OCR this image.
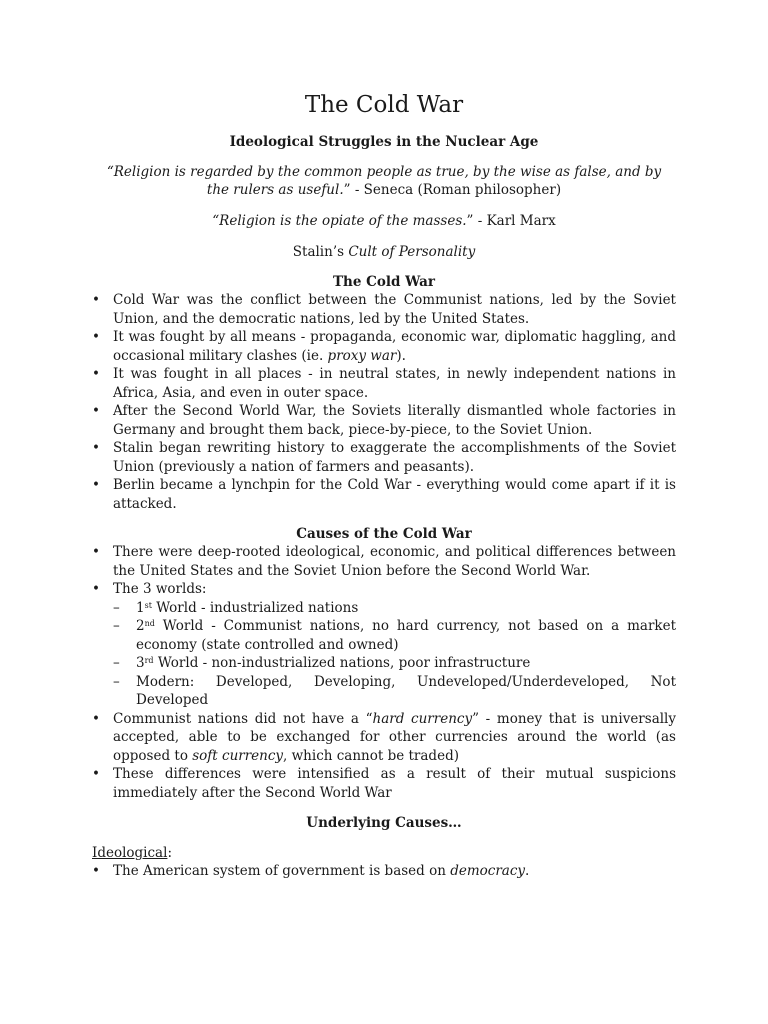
The Cold War
Ideological Struggles in the Nuclear Age
“Religion is regarded by the common people as true, by the wise as false, and by the rulers as useful.” - Seneca (Roman philosopher)
“Religion is the opiate of the masses.” - Karl Marx
Stalin’s Cult of Personality
The Cold War
• Cold War was the conflict between the Communist nations, led by the Soviet Union, and the democratic nations, led by the United States.
• It was fought by all means - propaganda, economic war, diplomatic haggling, and occasional military clashes (ie. proxy war).
• It was fought in all places - in neutral states, in newly independent nations in Africa, Asia, and even in outer space.
• After the Second World War, the Soviets literally dismantled whole factories in Germany and brought them back, piece-by-piece, to the Soviet Union.
• Stalin began rewriting history to exaggerate the accomplishments of the Soviet Union (previously a nation of farmers and peasants).
• Berlin became a lynchpin for the Cold War - everything would come apart if it is attacked.
Causes of the Cold War
• There were deep-rooted ideological, economic, and political differences between the United States and the Soviet Union before the Second World War.
• The 3 worlds:
– 1st World - industrialized nations
– 2nd World - Communist nations, no hard currency, not based on a market economy (state controlled and owned)
– 3rd World - non-industrialized nations, poor infrastructure
– Modern: Developed, Developing, Undeveloped/Underdeveloped, Not Developed
• Communist nations did not have a “hard currency” - money that is universally accepted, able to be exchanged for other currencies around the world (as opposed to soft currency, which cannot be traded)
• These differences were intensified as a result of their mutual suspicions immediately after the Second World War
Underlying Causes…
Ideological:
• The American system of government is based on democracy.
